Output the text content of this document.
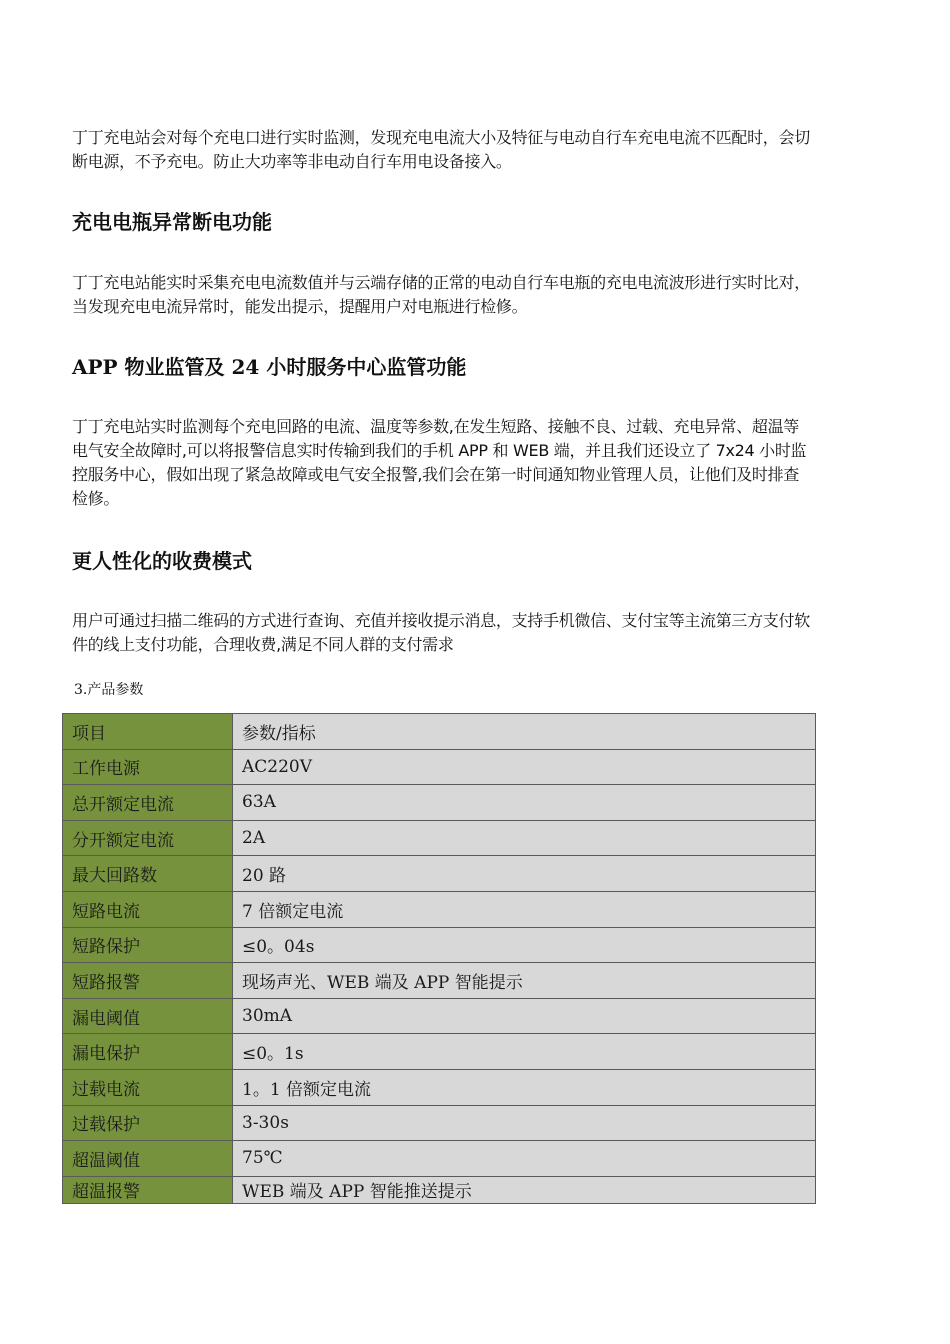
丁丁充电站会对每个充电口进行实时监测，发现充电电流大小及特征与电动自行车充电电流不匹配时，会切断电源，不予充电。防止大功率等非电动自行车用电设备接入。

充电电瓶异常断电功能

丁丁充电站能实时采集充电电流数值并与云端存储的正常的电动自行车电瓶的充电电流波形进行实时比对，当发现充电电流异常时，能发出提示，提醒用户对电瓶进行检修。

APP 物业监管及 24 小时服务中心监管功能

丁丁充电站实时监测每个充电回路的电流、温度等参数,在发生短路、接触不良、过载、充电异常、超温等电气安全故障时,可以将报警信息实时传输到我们的手机 APP 和 WEB 端，并且我们还设立了 7x24 小时监控服务中心，假如出现了紧急故障或电气安全报警,我们会在第一时间通知物业管理人员，让他们及时排查检修。

更人性化的收费模式

用户可通过扫描二维码的方式进行查询、充值并接收提示消息，支持手机微信、支付宝等主流第三方支付软件的线上支付功能，合理收费,满足不同人群的支付需求

3.产品参数

项目	参数/指标
工作电源	AC220V
总开额定电流	63A
分开额定电流	2A
最大回路数	20 路
短路电流	7 倍额定电流
短路保护	≤0。04s
短路报警	现场声光、WEB 端及 APP 智能提示
漏电阈值	30mA
漏电保护	≤0。1s
过载电流	1。1 倍额定电流
过载保护	3-30s
超温阈值	75℃
超温报警	WEB 端及 APP 智能推送提示
